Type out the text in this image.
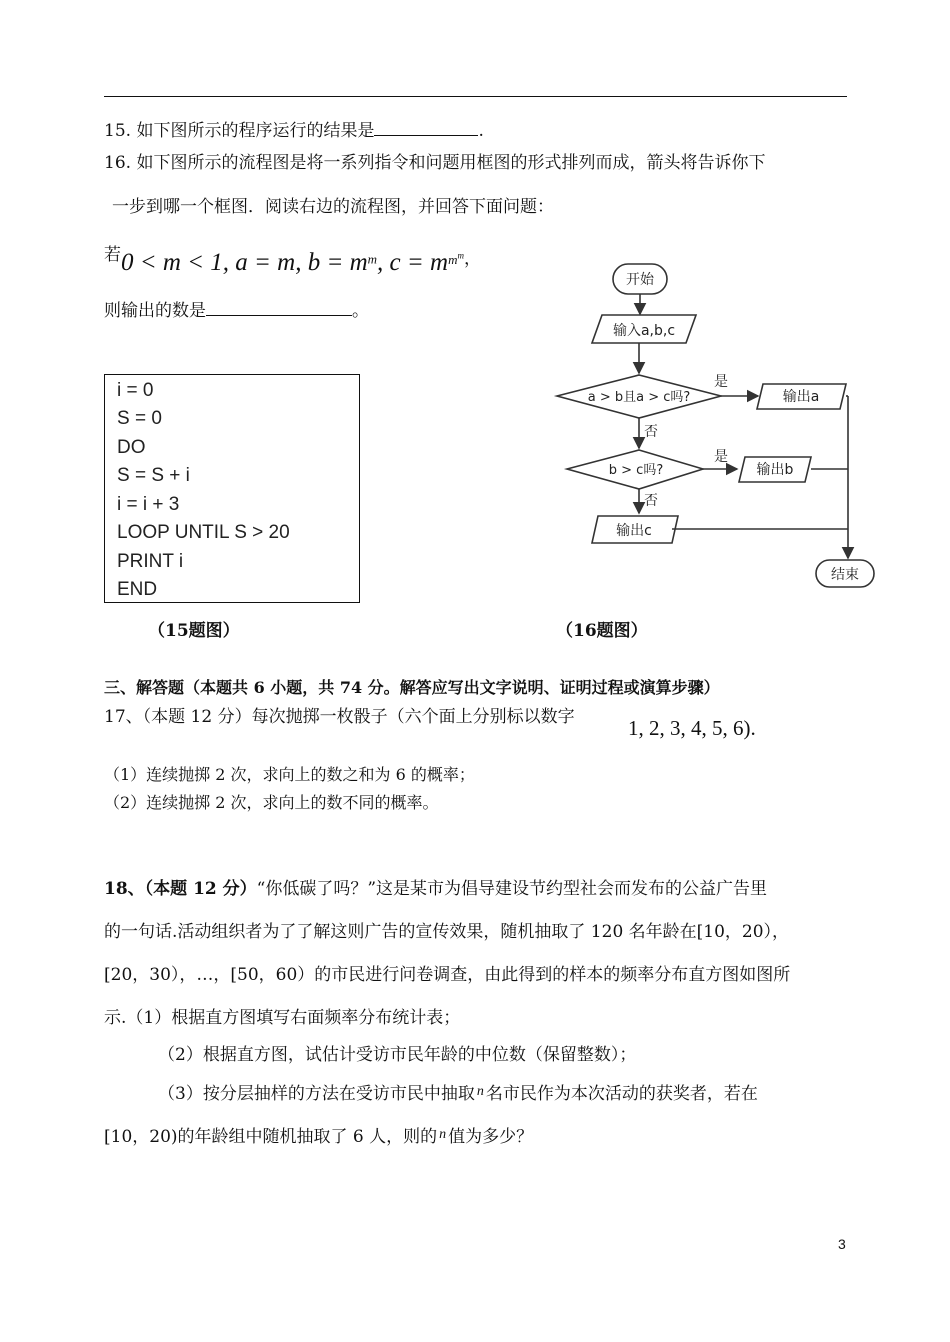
15. 如下图所示的程序运行的结果是	.
16. 如下图所示的流程图是将一系列指令和问题用框图的形式排列而成，箭头将告诉你下
一步到哪一个框图．阅读右边的流程图，并回答下面问题：
若0 < m < 1, a = m, $b = m^m$, $c = m^{m^m}$，
则输出的数是	。
i = 0
S = 0
DO
S = S + i
i = i + 3
LOOP UNTIL S > 20
PRINT i
END
开始
输入a,b,c
a > b且a > c吗?	输出a
b > c吗?	输出b
输出c
结束
是
否
是
否
（15题图）	（16题图）
三、解答题（本题共 6 小题，共 74 分。解答应写出文字说明、证明过程或演算步骤）
17、（本题 12 分）每次抛掷一枚骰子（六个面上分别标以数字	1, 2, 3, 4, 5, 6).
（1）连续抛掷 2 次，求向上的数之和为 6 的概率；
（2）连续抛掷 2 次，求向上的数不同的概率。
18、（本题 12 分）“你低碳了吗？”这是某市为倡导建设节约型社会而发布的公益广告里
的一句话.活动组织者为了了解这则广告的宣传效果，随机抽取了 120 名年龄在[10，20），
[20，30），…，[50，60）的市民进行问卷调查，由此得到的样本的频率分布直方图如图所
示.（1）根据直方图填写右面频率分布统计表；
（2）根据直方图，试估计受访市民年龄的中位数（保留整数）；
（3）按分层抽样的方法在受访市民中抽取 $^n$ 名市民作为本次活动的获奖者，若在
[10，20)的年龄组中随机抽取了 6 人，则的 $^n$ 值为多少？
3
